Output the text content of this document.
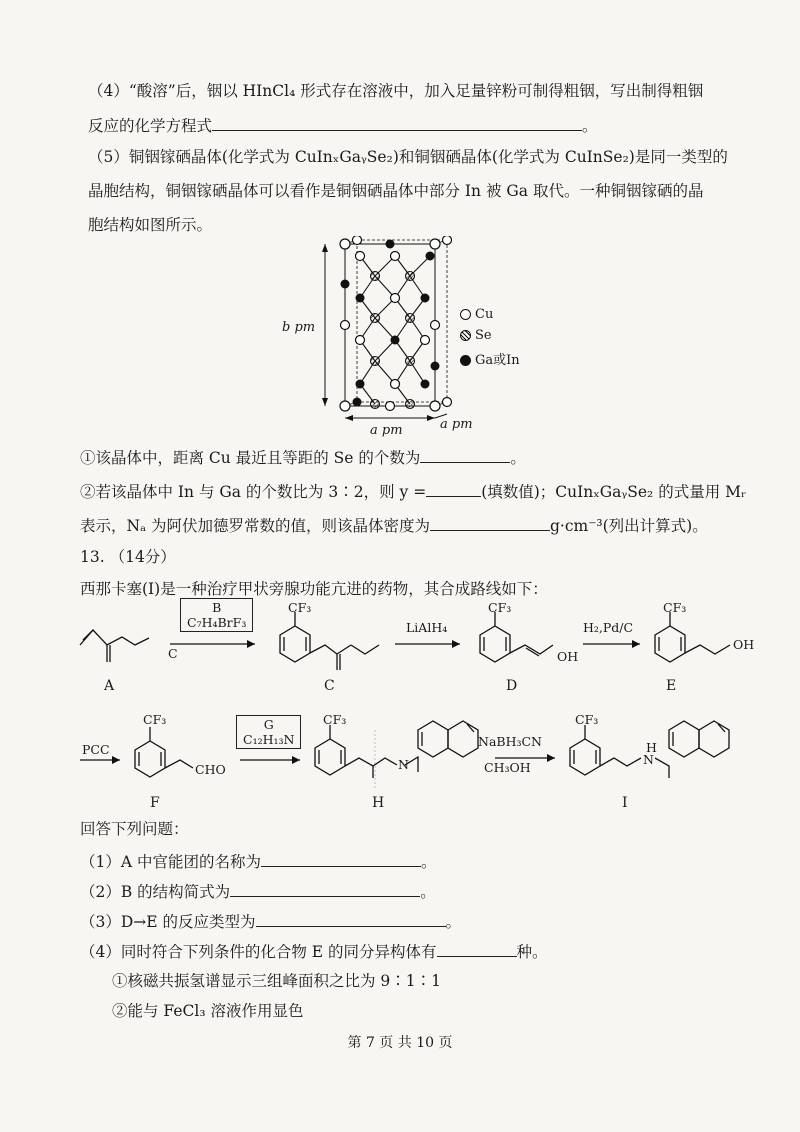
（4）“酸溶”后，铟以 HInCl₄ 形式存在溶液中，加入足量锌粉可制得粗铟，写出制得粗铟
反应的化学方程式	。
（5）铜铟镓硒晶体(化学式为 CuInₓGaᵧSe₂)和铜铟硒晶体(化学式为 CuInSe₂)是同一类型的
晶胞结构，铜铟镓硒晶体可以看作是铜铟硒晶体中部分 In 被 Ga 取代。一种铜铟镓硒的晶
胞结构如图所示。
b pm
a pm	a pm
Cu
Se
Ga或In
①该晶体中，距离 Cu 最近且等距的 Se 的个数为	。
②若该晶体中 In 与 Ga 的个数比为 3∶2，则 y =	(填数值)；CuInₓGaᵧSe₂ 的式量用 Mᵣ
表示，Nₐ 为阿伏加德罗常数的值，则该晶体密度为	g·cm⁻³(列出计算式)。
13. （14分）
西那卡塞(Ⅰ)是一种治疗甲状旁腺功能亢进的药物，其合成路线如下：
B
C₇H₄BrF₃
C
LiAlH₄	H₂,Pd/C
CF₃	CF₃	CF₃
OH
OH
A	C	D	E
PCC
CF₃
CHO
G
C₁₂H₁₃N
CF₃
N
NaBH₃CN
CH₃OH
CF₃
H
N
F	H	I
回答下列问题：
（1）A 中官能团的名称为	。
（2）B 的结构简式为	。
（3）D→E 的反应类型为	。
（4）同时符合下列条件的化合物 E 的同分异构体有	种。
①核磁共振氢谱显示三组峰面积之比为 9∶1∶1
②能与 FeCl₃ 溶液作用显色
第 7 页 共 10 页
